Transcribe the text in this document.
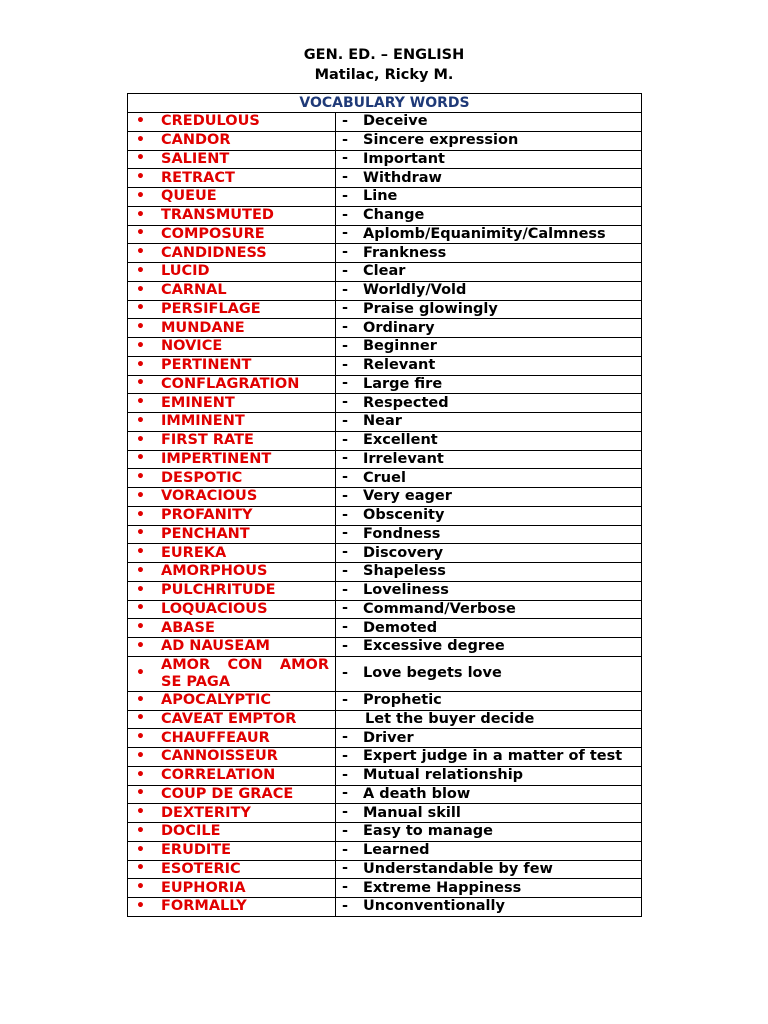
GEN. ED. – ENGLISH
Matilac, Ricky M.
VOCABULARY WORDS	

• CREDULOUS	- Deceive

• CANDOR	- Sincere expression

• SALIENT	- Important

• RETRACT	- Withdraw

• QUEUE	- Line

• TRANSMUTED	- Change

• COMPOSURE	- Aplomb/Equanimity/Calmness

• CANDIDNESS	- Frankness

• LUCID	- Clear

• CARNAL	- Worldly/Vold

• PERSIFLAGE	- Praise glowingly

• MUNDANE	- Ordinary

• NOVICE	- Beginner

• PERTINENT	- Relevant

• CONFLAGRATION	- Large fire

• EMINENT	- Respected

• IMMINENT	- Near

• FIRST RATE	- Excellent

• IMPERTINENT	- Irrelevant

• DESPOTIC	- Cruel

• VORACIOUS	- Very eager

• PROFANITY	- Obscenity

• PENCHANT	- Fondness

• EUREKA	- Discovery

• AMORPHOUS	- Shapeless

• PULCHRITUDE	- Loveliness

• LOQUACIOUS	- Command/Verbose

• ABASE	- Demoted

• AD NAUSEAM	- Excessive degree

•
AMOR CON AMOR SE PAGA	- Love begets love

• APOCALYPTIC	- Prophetic

• CAVEAT EMPTOR	Let the buyer decide

• CHAUFFEAUR	- Driver

• CANNOISSEUR	- Expert judge in a matter of test

• CORRELATION	- Mutual relationship

• COUP DE GRACE	- A death blow

• DEXTERITY	- Manual skill

• DOCILE	- Easy to manage

• ERUDITE	- Learned

• ESOTERIC	- Understandable by few

• EUPHORIA	- Extreme Happiness

• FORMALLY	- Unconventionally
